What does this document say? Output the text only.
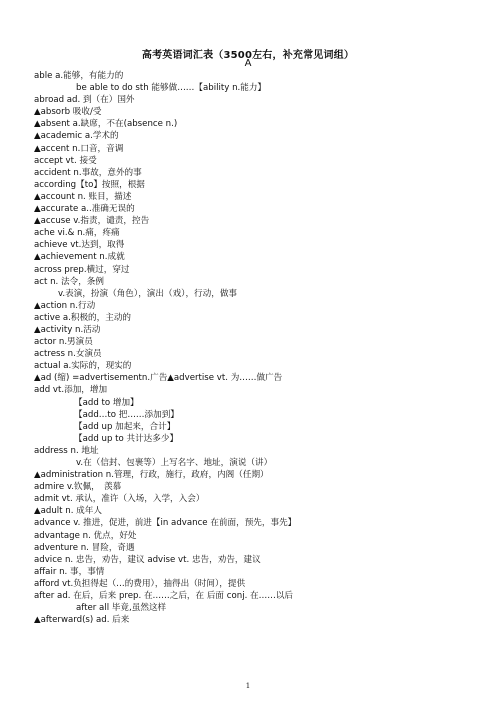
高考英语词汇表（3500左右，补充常见词组）
A
able a.能够，有能力的
be able to do sth 能够做……【ability n.能力】
abroad ad. 到（在）国外
▲absorb 吸收/受
▲absent a.缺席，不在(absence n.)
▲academic a.学术的
▲accent n.口音，音调
accept vt. 接受
accident n.事故，意外的事
according【to】按照，根据
▲account n. 账目，描述
▲accurate a..准确无误的
▲accuse v.指责，谴责，控告
ache vi.& n.痛，疼痛
achieve vt.达到，取得
▲achievement n.成就
across prep.横过，穿过
act n. 法令，条例
v.表演，扮演（角色），演出（戏），行动，做事
▲action n.行动
active a.积极的，主动的
▲activity n.活动
actor n.男演员
actress n.女演员
actual a.实际的，现实的
▲ad (缩) =advertisementn.广告▲advertise vt. 为……做广告
add vt.添加，增加
【add to 增加】
【add…to 把……添加到】
【add up 加起来，合计】
【add up to 共计达多少】
address n. 地址
v.在（信封、包裹等）上写名字、地址，演说（讲）
▲administration n.管理，行政，施行，政府，内阁（任期）
admire v.钦佩，　羡慕
admit vt. 承认，准许（入场，入学，入会）
▲adult n. 成年人
advance v. 推进，促进，前进【in advance 在前面，预先，事先】
advantage n. 优点，好处
adventure n. 冒险，奇遇
advice n. 忠告，劝告，建议 advise vt. 忠告，劝告，建议
affair n. 事，事情
afford vt.负担得起（…的费用），抽得出（时间），提供
after ad. 在后，后来 prep. 在……之后，在 后面 conj. 在……以后
after all 毕竟,虽然这样
▲afterward(s) ad. 后来
1
